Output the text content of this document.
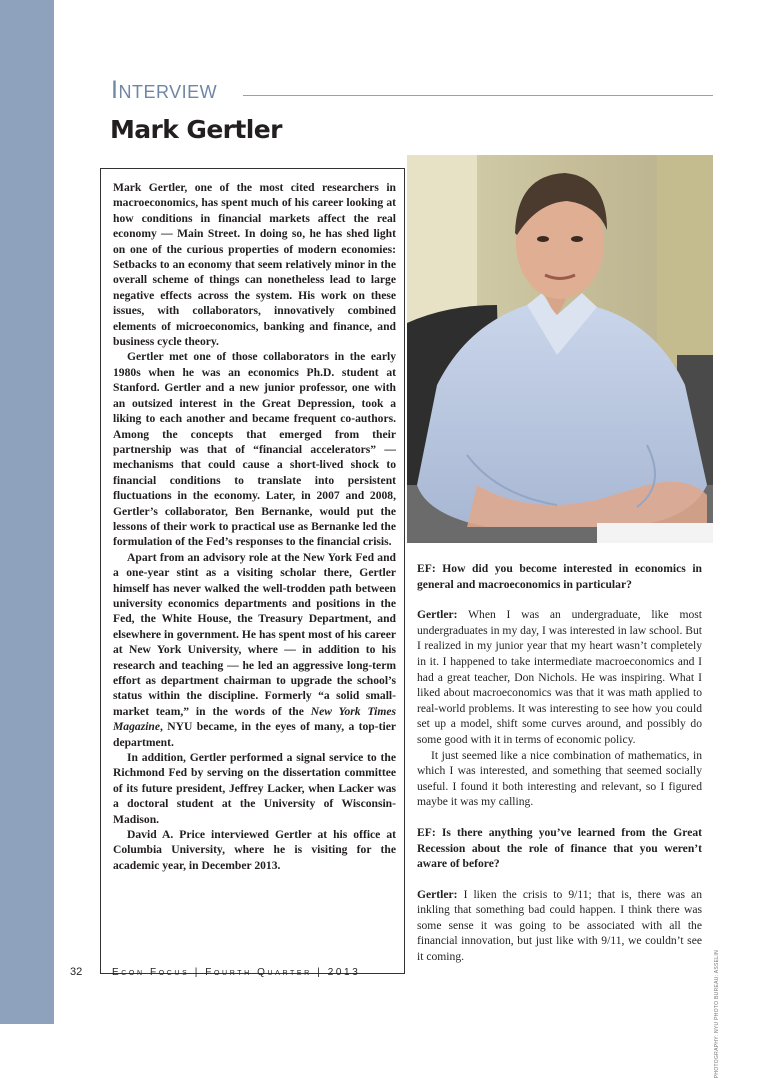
Interview
Mark Gertler

Mark Gertler, one of the most cited researchers in macroeconomics, has spent much of his career looking at how conditions in financial markets affect the real economy — Main Street. In doing so, he has shed light on one of the curious properties of modern economies: Setbacks to an economy that seem relatively minor in the overall scheme of things can nonetheless lead to large negative effects across the system. His work on these issues, with collaborators, innovatively combined elements of microeconomics, banking and finance, and business cycle theory.

Gertler met one of those collaborators in the early 1980s when he was an economics Ph.D. student at Stanford. Gertler and a new junior professor, one with an outsized interest in the Great Depression, took a liking to each another and became frequent co-authors. Among the concepts that emerged from their partnership was that of “financial accelerators” — mechanisms that could cause a short-lived shock to financial conditions to translate into persistent fluctuations in the economy. Later, in 2007 and 2008, Gertler’s collaborator, Ben Bernanke, would put the lessons of their work to practical use as Bernanke led the formulation of the Fed’s responses to the financial crisis.

Apart from an advisory role at the New York Fed and a one-year stint as a visiting scholar there, Gertler himself has never walked the well-trodden path between university economics departments and positions in the Fed, the White House, the Treasury Department, and elsewhere in government. He has spent most of his career at New York University, where — in addition to his research and teaching — he led an aggressive long-term effort as department chairman to upgrade the school’s status within the discipline. Formerly “a solid small-market team,” in the words of the New York Times Magazine, NYU became, in the eyes of many, a top-tier department.

In addition, Gertler performed a signal service to the Richmond Fed by serving on the dissertation committee of its future president, Jeffrey Lacker, when Lacker was a doctoral student at the University of Wisconsin-Madison.

David A. Price interviewed Gertler at his office at Columbia University, where he is visiting for the academic year, in December 2013.

EF: How did you become interested in economics in general and macroeconomics in particular?

Gertler: When I was an undergraduate, like most undergraduates in my day, I was interested in law school. But I realized in my junior year that my heart wasn’t completely in it. I happened to take intermediate macroeconomics and I had a great teacher, Don Nichols. He was inspiring. What I liked about macroeconomics was that it was math applied to real-world problems. It was interesting to see how you could set up a model, shift some curves around, and possibly do some good with it in terms of economic policy.

It just seemed like a nice combination of mathematics, in which I was interested, and something that seemed socially useful. I found it both interesting and relevant, so I figured maybe it was my calling.

EF: Is there anything you’ve learned from the Great Recession about the role of finance that you weren’t aware of before?

Gertler: I liken the crisis to 9/11; that is, there was an inkling that something bad could happen. I think there was some sense it was going to be associated with all the financial innovation, but just like with 9/11, we couldn’t see it coming.	PHOTOGRAPHY: NYU PHOTO BUREAU: ASSELIN
32	Econ Focus | Fourth Quarter | 2013
